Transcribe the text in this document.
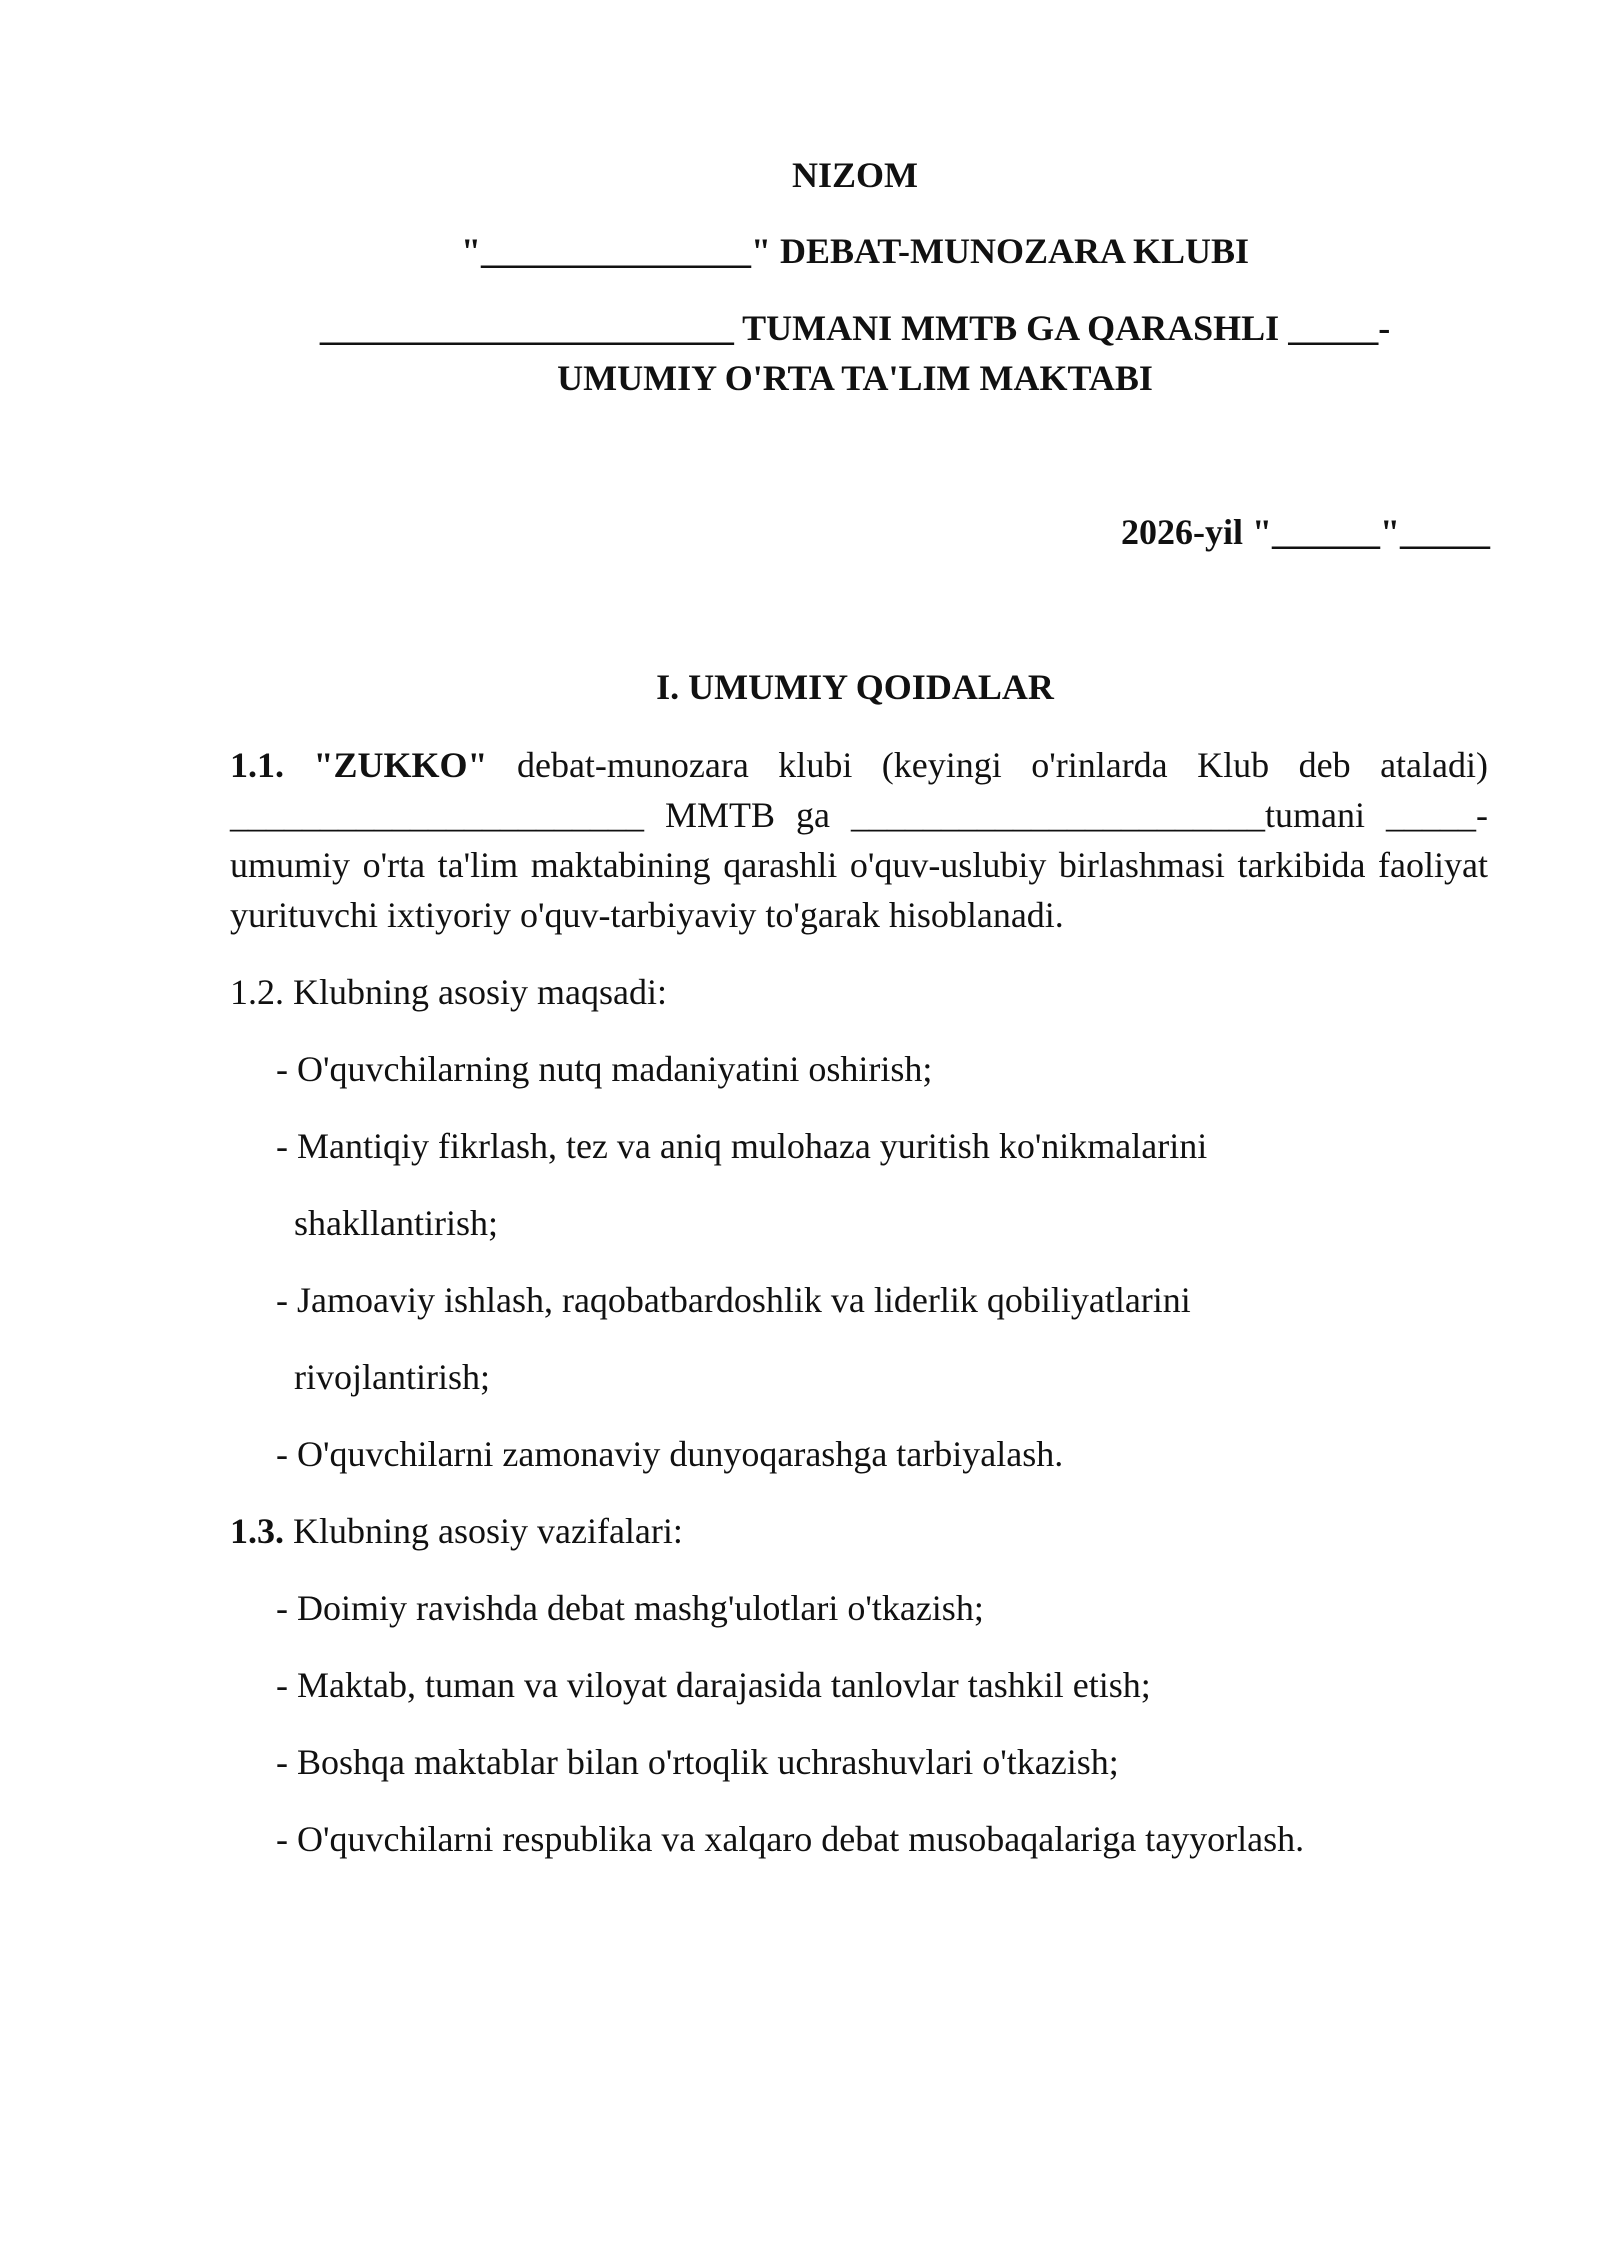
NIZOM
"_______________" DEBAT-MUNOZARA KLUBI
_______________________ TUMANI MMTB GA QARASHLI _____-
UMUMIY O'RTA TA'LIM MAKTABI
2026-yil "______"_____
I. UMUMIY QOIDALAR

1.1. "ZUKKO" debat-munozara klubi (keyingi o'rinlarda Klub deb ataladi) _______________________ MMTB ga _______________________tumani _____- umumiy o'rta ta'lim maktabining qarashli o'quv-uslubiy birlashmasi tarkibida faoliyat yurituvchi ixtiyoriy o'quv-tarbiyaviy to'garak hisoblanadi.

1.2. Klubning asosiy maqsadi:
- O'quvchilarning nutq madaniyatini oshirish;
- Mantiqiy fikrlash, tez va aniq mulohaza yuritish ko'nikmalarini
shakllantirish;
- Jamoaviy ishlash, raqobatbardoshlik va liderlik qobiliyatlarini
rivojlantirish;
- O'quvchilarni zamonaviy dunyoqarashga tarbiyalash.
1.3. Klubning asosiy vazifalari:
- Doimiy ravishda debat mashg'ulotlari o'tkazish;
- Maktab, tuman va viloyat darajasida tanlovlar tashkil etish;
- Boshqa maktablar bilan o'rtoqlik uchrashuvlari o'tkazish;
- O'quvchilarni respublika va xalqaro debat musobaqalariga tayyorlash.
